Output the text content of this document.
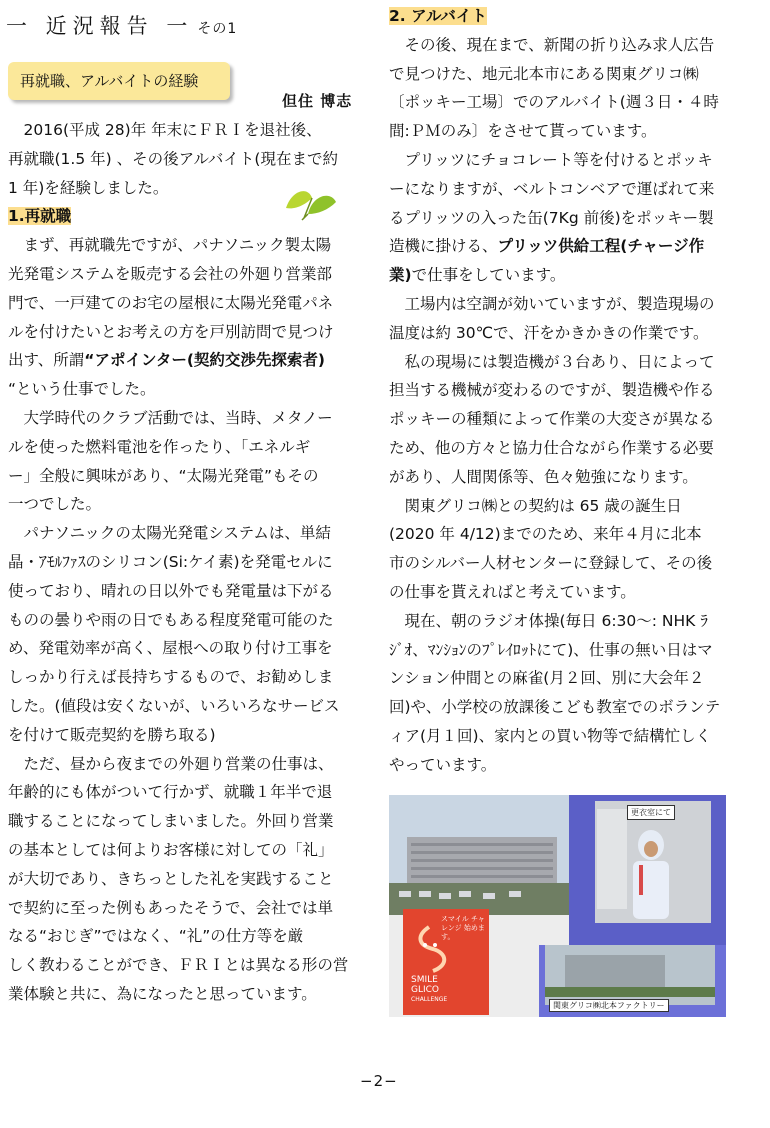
一 近況報告 一 その1
再就職、アルバイトの経験
但住 博志

2016(平成 28)年 年末にＦＲＩを退社後、

再就職(1.5 年) 、その後アルバイト(現在まで約

1 年)を経験しました。

1.再就職

まず、再就職先ですが、パナソニック製太陽

光発電システムを販売する会社の外廻り営業部

門で、一戸建てのお宅の屋根に太陽光発電パネ

ルを付けたいとお考えの方を戸別訪問で見つけ

出す、所謂“アポインター(契約交渉先探索者)

“という仕事でした。

大学時代のクラブ活動では、当時、メタノー

ルを使った燃料電池を作ったり、「エネルギ

ー」全般に興味があり、“太陽光発電”もその

一つでした。

パナソニックの太陽光発電システムは、単結

晶・ｱﾓﾙﾌｧｽのシリコン(Si:ケイ素)を発電セルに

使っており、晴れの日以外でも発電量は下がる

ものの曇りや雨の日でもある程度発電可能のた

め、発電効率が高く、屋根への取り付け工事を

しっかり行えば長持ちするもので、お勧めしま

した。(値段は安くないが、いろいろなサービス

を付けて販売契約を勝ち取る)

ただ、昼から夜までの外廻り営業の仕事は、

年齢的にも体がついて行かず、就職１年半で退

職することになってしまいました。外回り営業

の基本としては何よりお客様に対しての「礼」

が大切であり、きちっとした礼を実践すること

で契約に至った例もあったそうで、会社では単

なる“おじぎ”ではなく、“礼”の仕方等を厳

しく教わることができ、ＦＲＩとは異なる形の営

業体験と共に、為になったと思っています。

2. アルバイト

その後、現在まで、新聞の折り込み求人広告

で見つけた、地元北本市にある関東グリコ㈱

〔ポッキー工場〕でのアルバイト(週３日・４時

間:ＰＭのみ〕をさせて貰っています。

プリッツにチョコレート等を付けるとポッキ

ーになりますが、ベルトコンベアで運ばれて来

るプリッツの入った缶(7Kg 前後)をポッキー製

造機に掛ける、プリッツ供給工程(チャージ作

業)で仕事をしています。

工場内は空調が効いていますが、製造現場の

温度は約 30℃で、汗をかきかきの作業です。

私の現場には製造機が３台あり、日によって

担当する機械が変わるのですが、製造機や作る

ポッキーの種類によって作業の大変さが異なる

ため、他の方々と協力仕合ながら作業する必要

があり、人間関係等、色々勉強になります。

関東グリコ㈱との契約は 65 歳の誕生日

(2020 年 4/12)までのため、来年４月に北本

市のシルバー人材センターに登録して、その後

の仕事を貰えればと考えています。

現在、朝のラジオ体操(毎日 6:30〜: NHK ﾗ

ｼﾞｵ、ﾏﾝｼｮﾝのﾌﾟﾚｲﾛｯﾄにて)、仕事の無い日はマ

ンション仲間との麻雀(月２回、別に大会年２

回)や、小学校の放課後こども教室でのボランテ

ィア(月１回)、家内との買い物等で結構忙しく

やっています。

更衣室にて
関東グリコ㈱北本ファクトリー
スマイル チャレンジ 始めます。
SMILE
GLICO
CHALLENGE
−2−
